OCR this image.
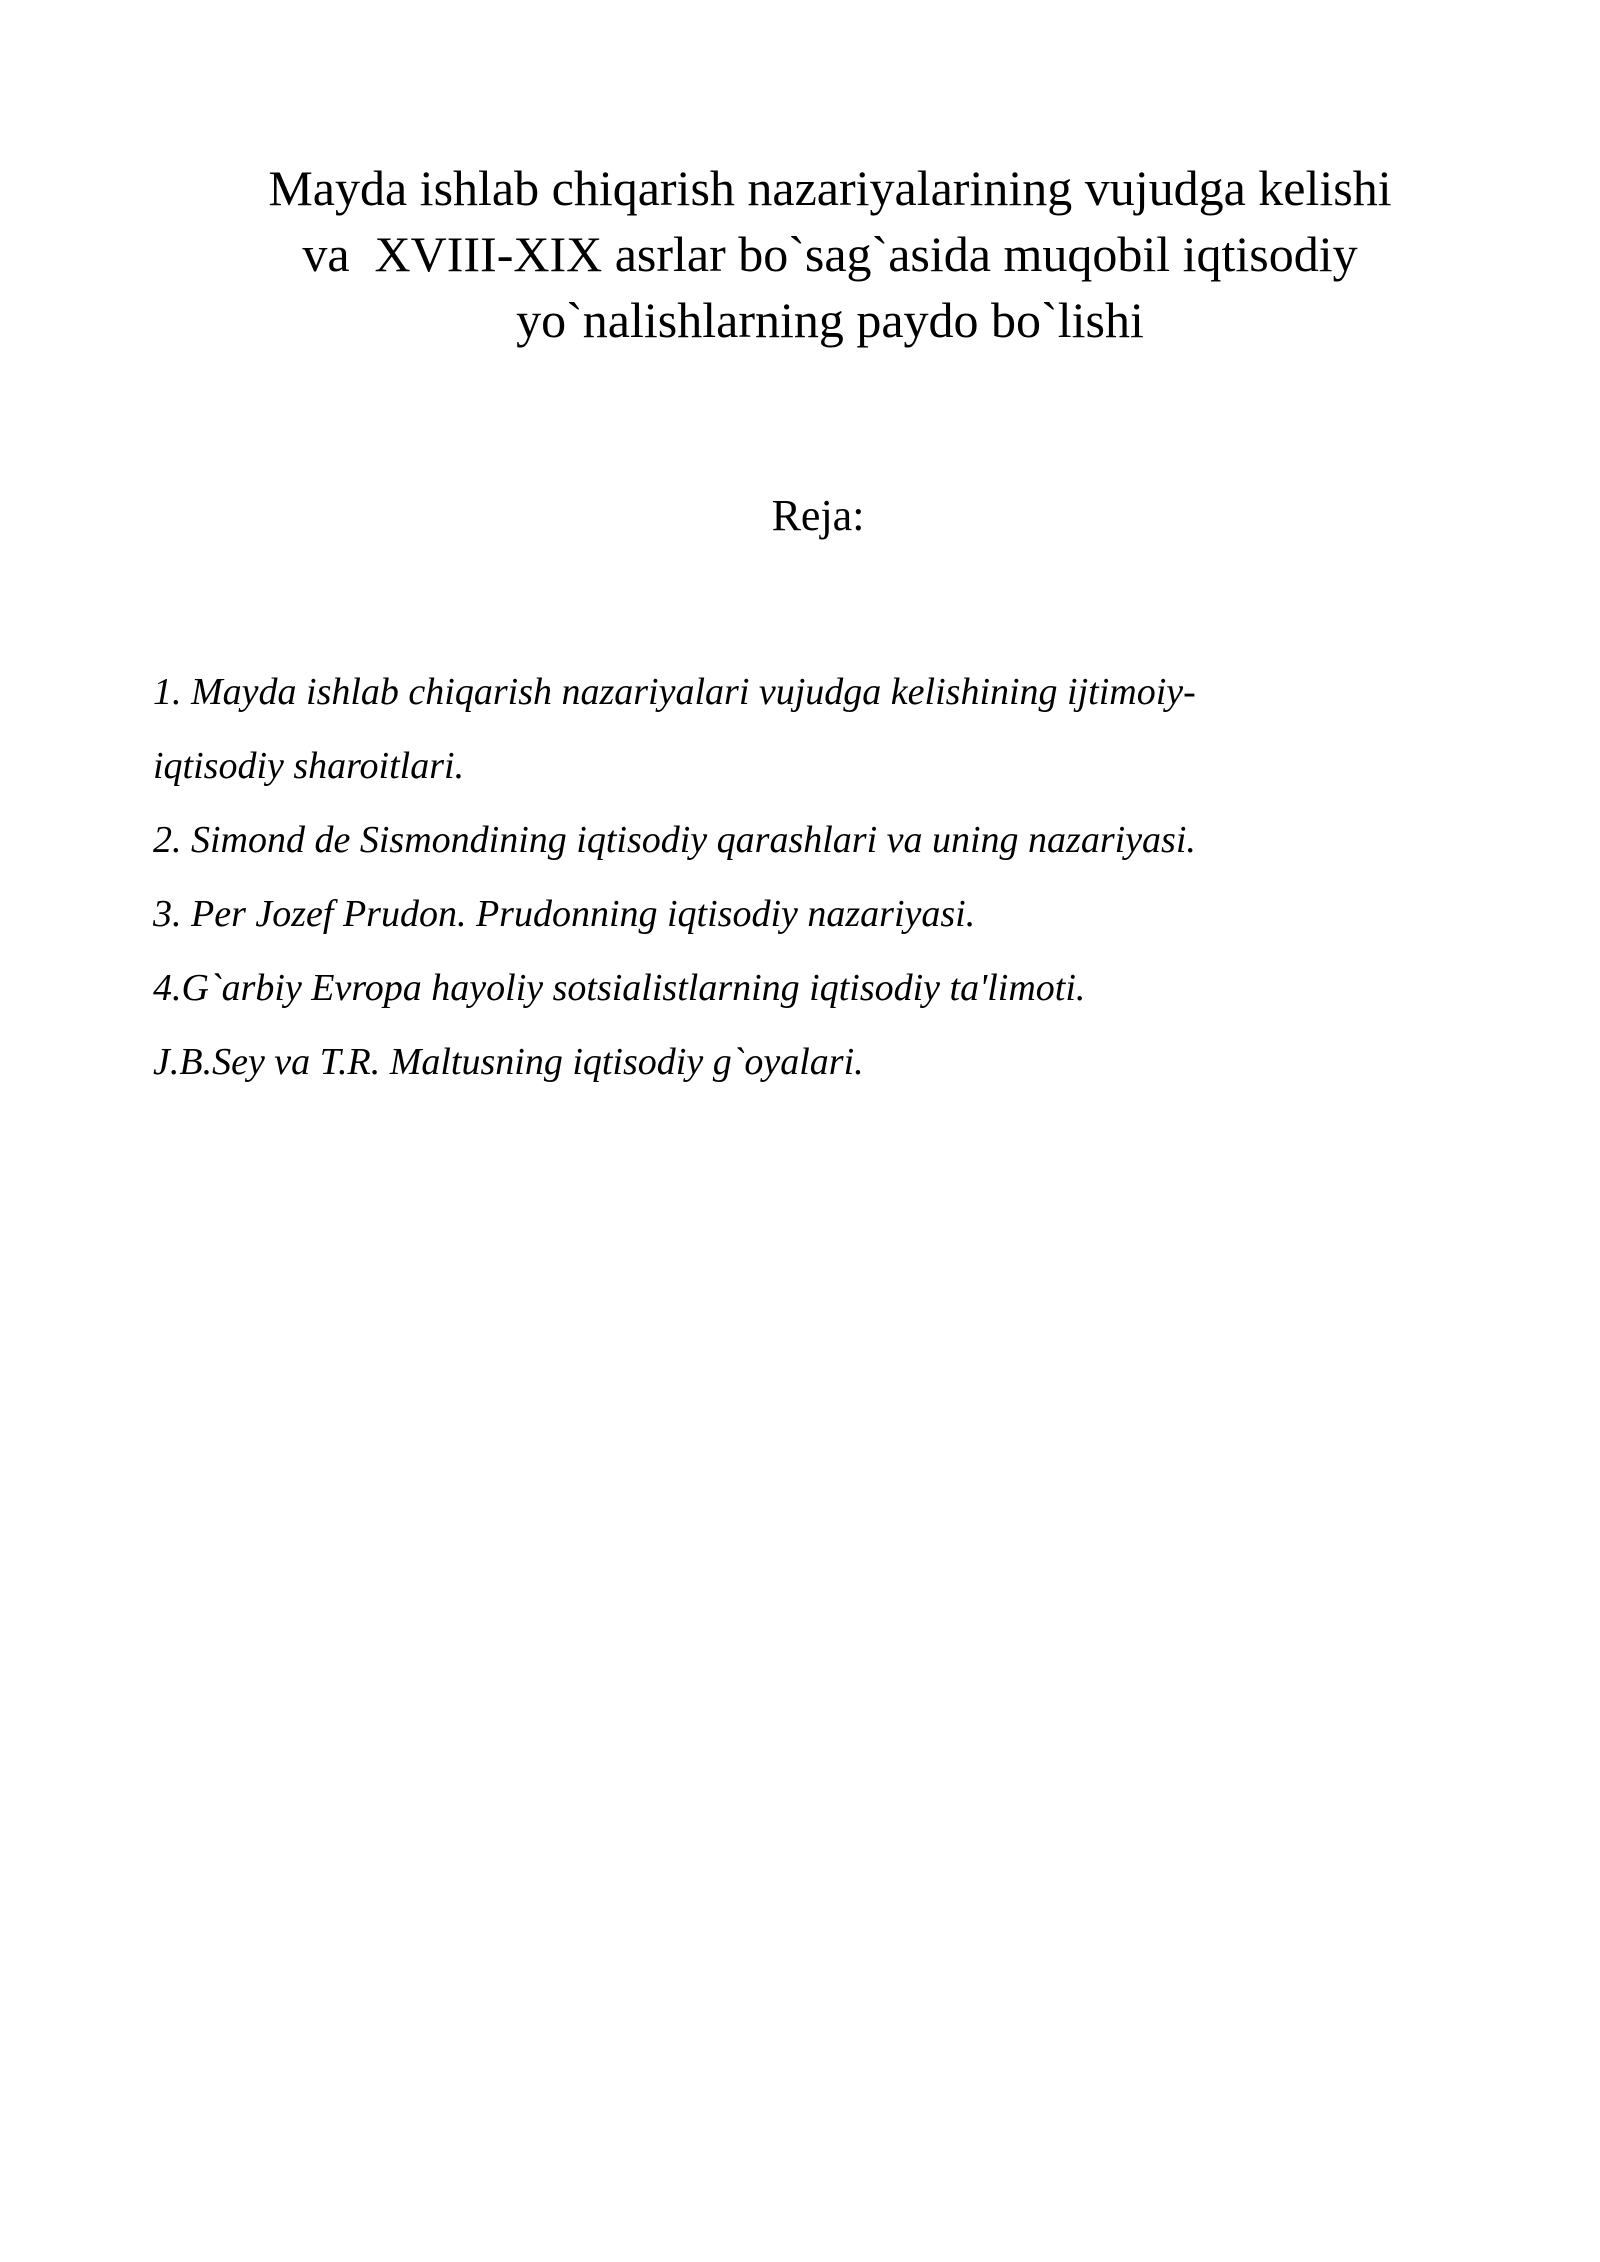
Mayda ishlab chiqarish nazariyalarining vujudga kelishi
va  XVIII-XIX asrlar bo`sag`asida muqobil iqtisodiy
yo`nalishlarning paydo bo`lishi
Reja:
1. Mayda ishlab chiqarish nazariyalari vujudga kelishining ijtimoiy-
iqtisodiy sharoitlari.
2. Simond de Sismondining iqtisodiy qarashlari va uning nazariyasi.
3. Per Jozef Prudon. Prudonning iqtisodiy nazariyasi.
4.G`arbiy Evropa hayoliy sotsialistlarning iqtisodiy ta'limoti.
J.B.Sey va T.R. Maltusning iqtisodiy g`oyalari.
